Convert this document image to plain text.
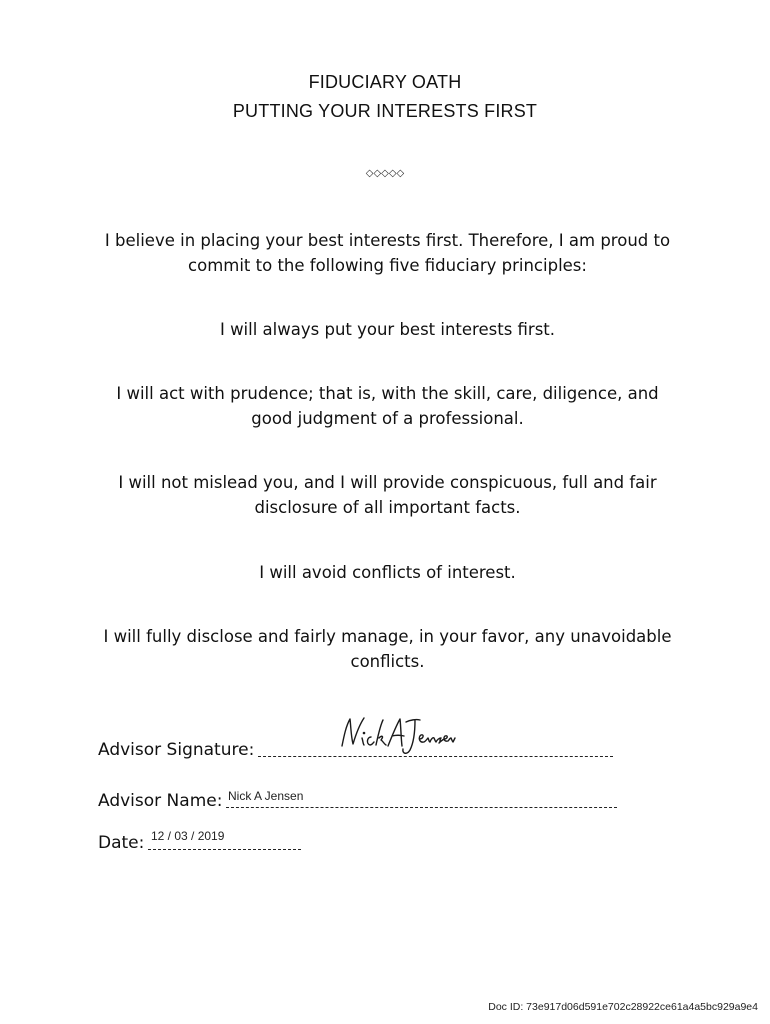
FIDUCIARY OATH
PUTTING YOUR INTERESTS FIRST
◇◇◇◇◇
I believe in placing your best interests first. Therefore, I am proud to commit to the following five fiduciary principles:
I will always put your best interests first.
I will act with prudence; that is, with the skill, care, diligence, and good judgment of a professional.
I will not mislead you, and I will provide conspicuous, full and fair disclosure of all important facts.
I will avoid conflicts of interest.
I will fully disclose and fairly manage, in your favor, any unavoidable conflicts.
Advisor Signature:
Advisor Name: Nick A Jensen
Date: 12 / 03 / 2019
Doc ID: 73e917d06d591e702c28922ce61a4a5bc929a9e4
